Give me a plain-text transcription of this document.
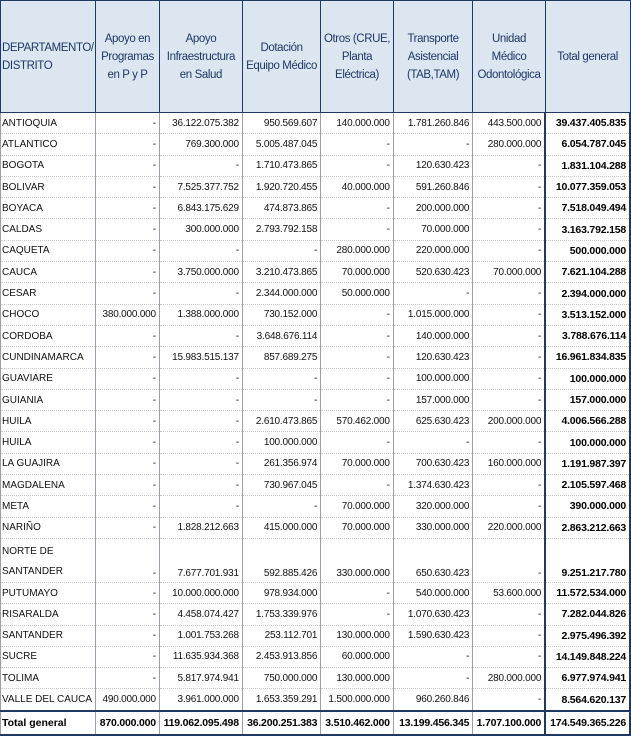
DEPARTAMENTO/ DISTRITO	Apoyo en Programas en P y P	Apoyo Infraestructura en Salud	Dotación Equipo Médico	Otros (CRUE, Planta Eléctrica)	Transporte Asistencial (TAB,TAM)	Unidad Médico Odontológica	Total general
ANTIOQUIA	-	36.122.075.382	950.569.607	140.000.000	1.781.260.846	443.500.000	39.437.405.835
ATLANTICO	-	769.300.000	5.005.487.045	-	-	280.000.000	6.054.787.045
BOGOTA	-	-	1.710.473.865	-	120.630.423	-	1.831.104.288
BOLIVAR	-	7.525.377.752	1.920.720.455	40.000.000	591.260.846	-	10.077.359.053
BOYACA	-	6.843.175.629	474.873.865	-	200.000.000	-	7.518.049.494
CALDAS	-	300.000.000	2.793.792.158	-	70.000.000	-	3.163.792.158
CAQUETA	-	-	-	280.000.000	220.000.000	-	500.000.000
CAUCA	-	3.750.000.000	3.210.473.865	70.000.000	520.630.423	70.000.000	7.621.104.288
CESAR	-	-	2.344.000.000	50.000.000	-	-	2.394.000.000
CHOCO	380.000.000	1.388.000.000	730.152.000	-	1.015.000.000	-	3.513.152.000
CORDOBA	-	-	3.648.676.114	-	140.000.000	-	3.788.676.114
CUNDINAMARCA	-	15.983.515.137	857.689.275	-	120.630.423	-	16.961.834.835
GUAVIARE	-	-	-	-	100.000.000	-	100.000.000
GUIANIA	-	-	-	-	157.000.000	-	157.000.000
HUILA	-	-	2.610.473.865	570.462.000	625.630.423	200.000.000	4.006.566.288
HUILA	-	-	100.000.000	-	-	-	100.000.000
LA GUAJIRA	-	-	261.356.974	70.000.000	700.630.423	160.000.000	1.191.987.397
MAGDALENA	-	-	730.967.045	-	1.374.630.423	-	2.105.597.468
META	-	-	-	70.000.000	320.000.000	-	390.000.000
NARIÑO	-	1.828.212.663	415.000.000	70.000.000	330.000.000	220.000.000	2.863.212.663
NORTE DE SANTANDER	-	7.677.701.931	592.885.426	330.000.000	650.630.423	-	9.251.217.780
PUTUMAYO	-	10.000.000.000	978.934.000	-	540.000.000	53.600.000	11.572.534.000
RISARALDA	-	4.458.074.427	1.753.339.976	-	1.070.630.423	-	7.282.044.826
SANTANDER	-	1.001.753.268	253.112.701	130.000.000	1.590.630.423	-	2.975.496.392
SUCRE	-	11.635.934.368	2.453.913.856	60.000.000	-	-	14.149.848.224
TOLIMA	-	5.817.974.941	750.000.000	130.000.000	-	280.000.000	6.977.974.941
VALLE DEL CAUCA	490.000.000	3.961.000.000	1.653.359.291	1.500.000.000	960.260.846	-	8.564.620.137
Total general	870.000.000	119.062.095.498	36.200.251.383	3.510.462.000	13.199.456.345	1.707.100.000	174.549.365.226
